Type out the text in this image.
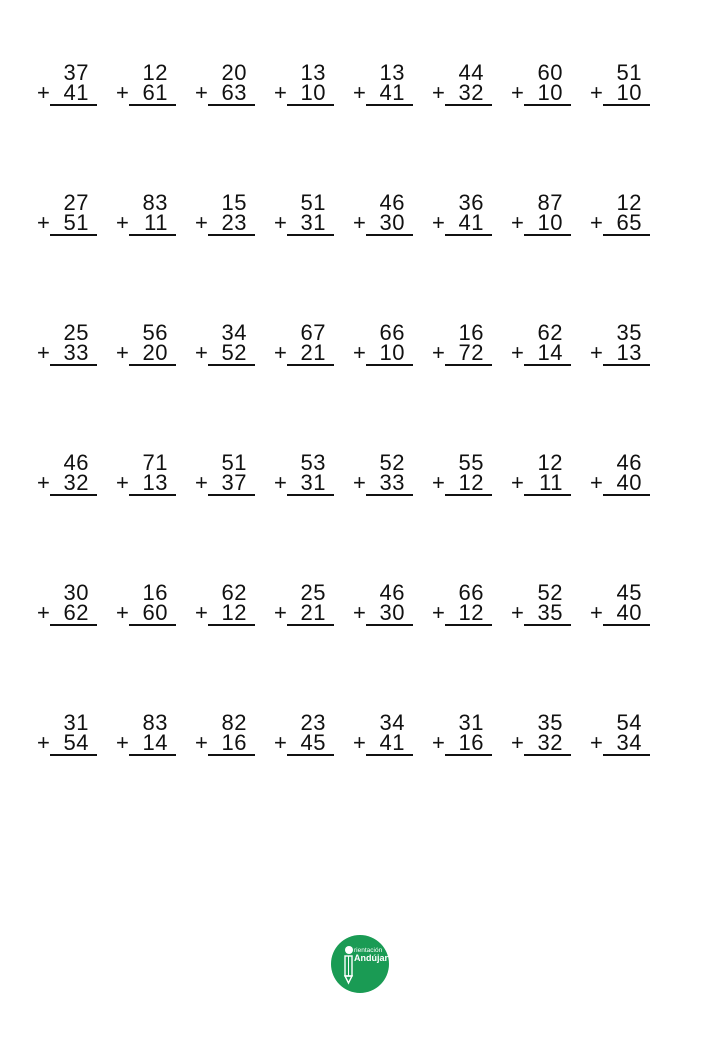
37
+ 41
12
+ 61
20
+ 63
13
+ 10
13
+ 41
44
+ 32
60
+ 10
51
+ 10
27
+ 51
83
+ 11
15
+ 23
51
+ 31
46
+ 30
36
+ 41
87
+ 10
12
+ 65
25
+ 33
56
+ 20
34
+ 52
67
+ 21
66
+ 10
16
+ 72
62
+ 14
35
+ 13
46
+ 32
71
+ 13
51
+ 37
53
+ 31
52
+ 33
55
+ 12
12
+ 11
46
+ 40
30
+ 62
16
+ 60
62
+ 12
25
+ 21
46
+ 30
66
+ 12
52
+ 35
45
+ 40
31
+ 54
83
+ 14
82
+ 16
23
+ 45
34
+ 41
31
+ 16
35
+ 32
54
+ 34
rientación
Andújar
